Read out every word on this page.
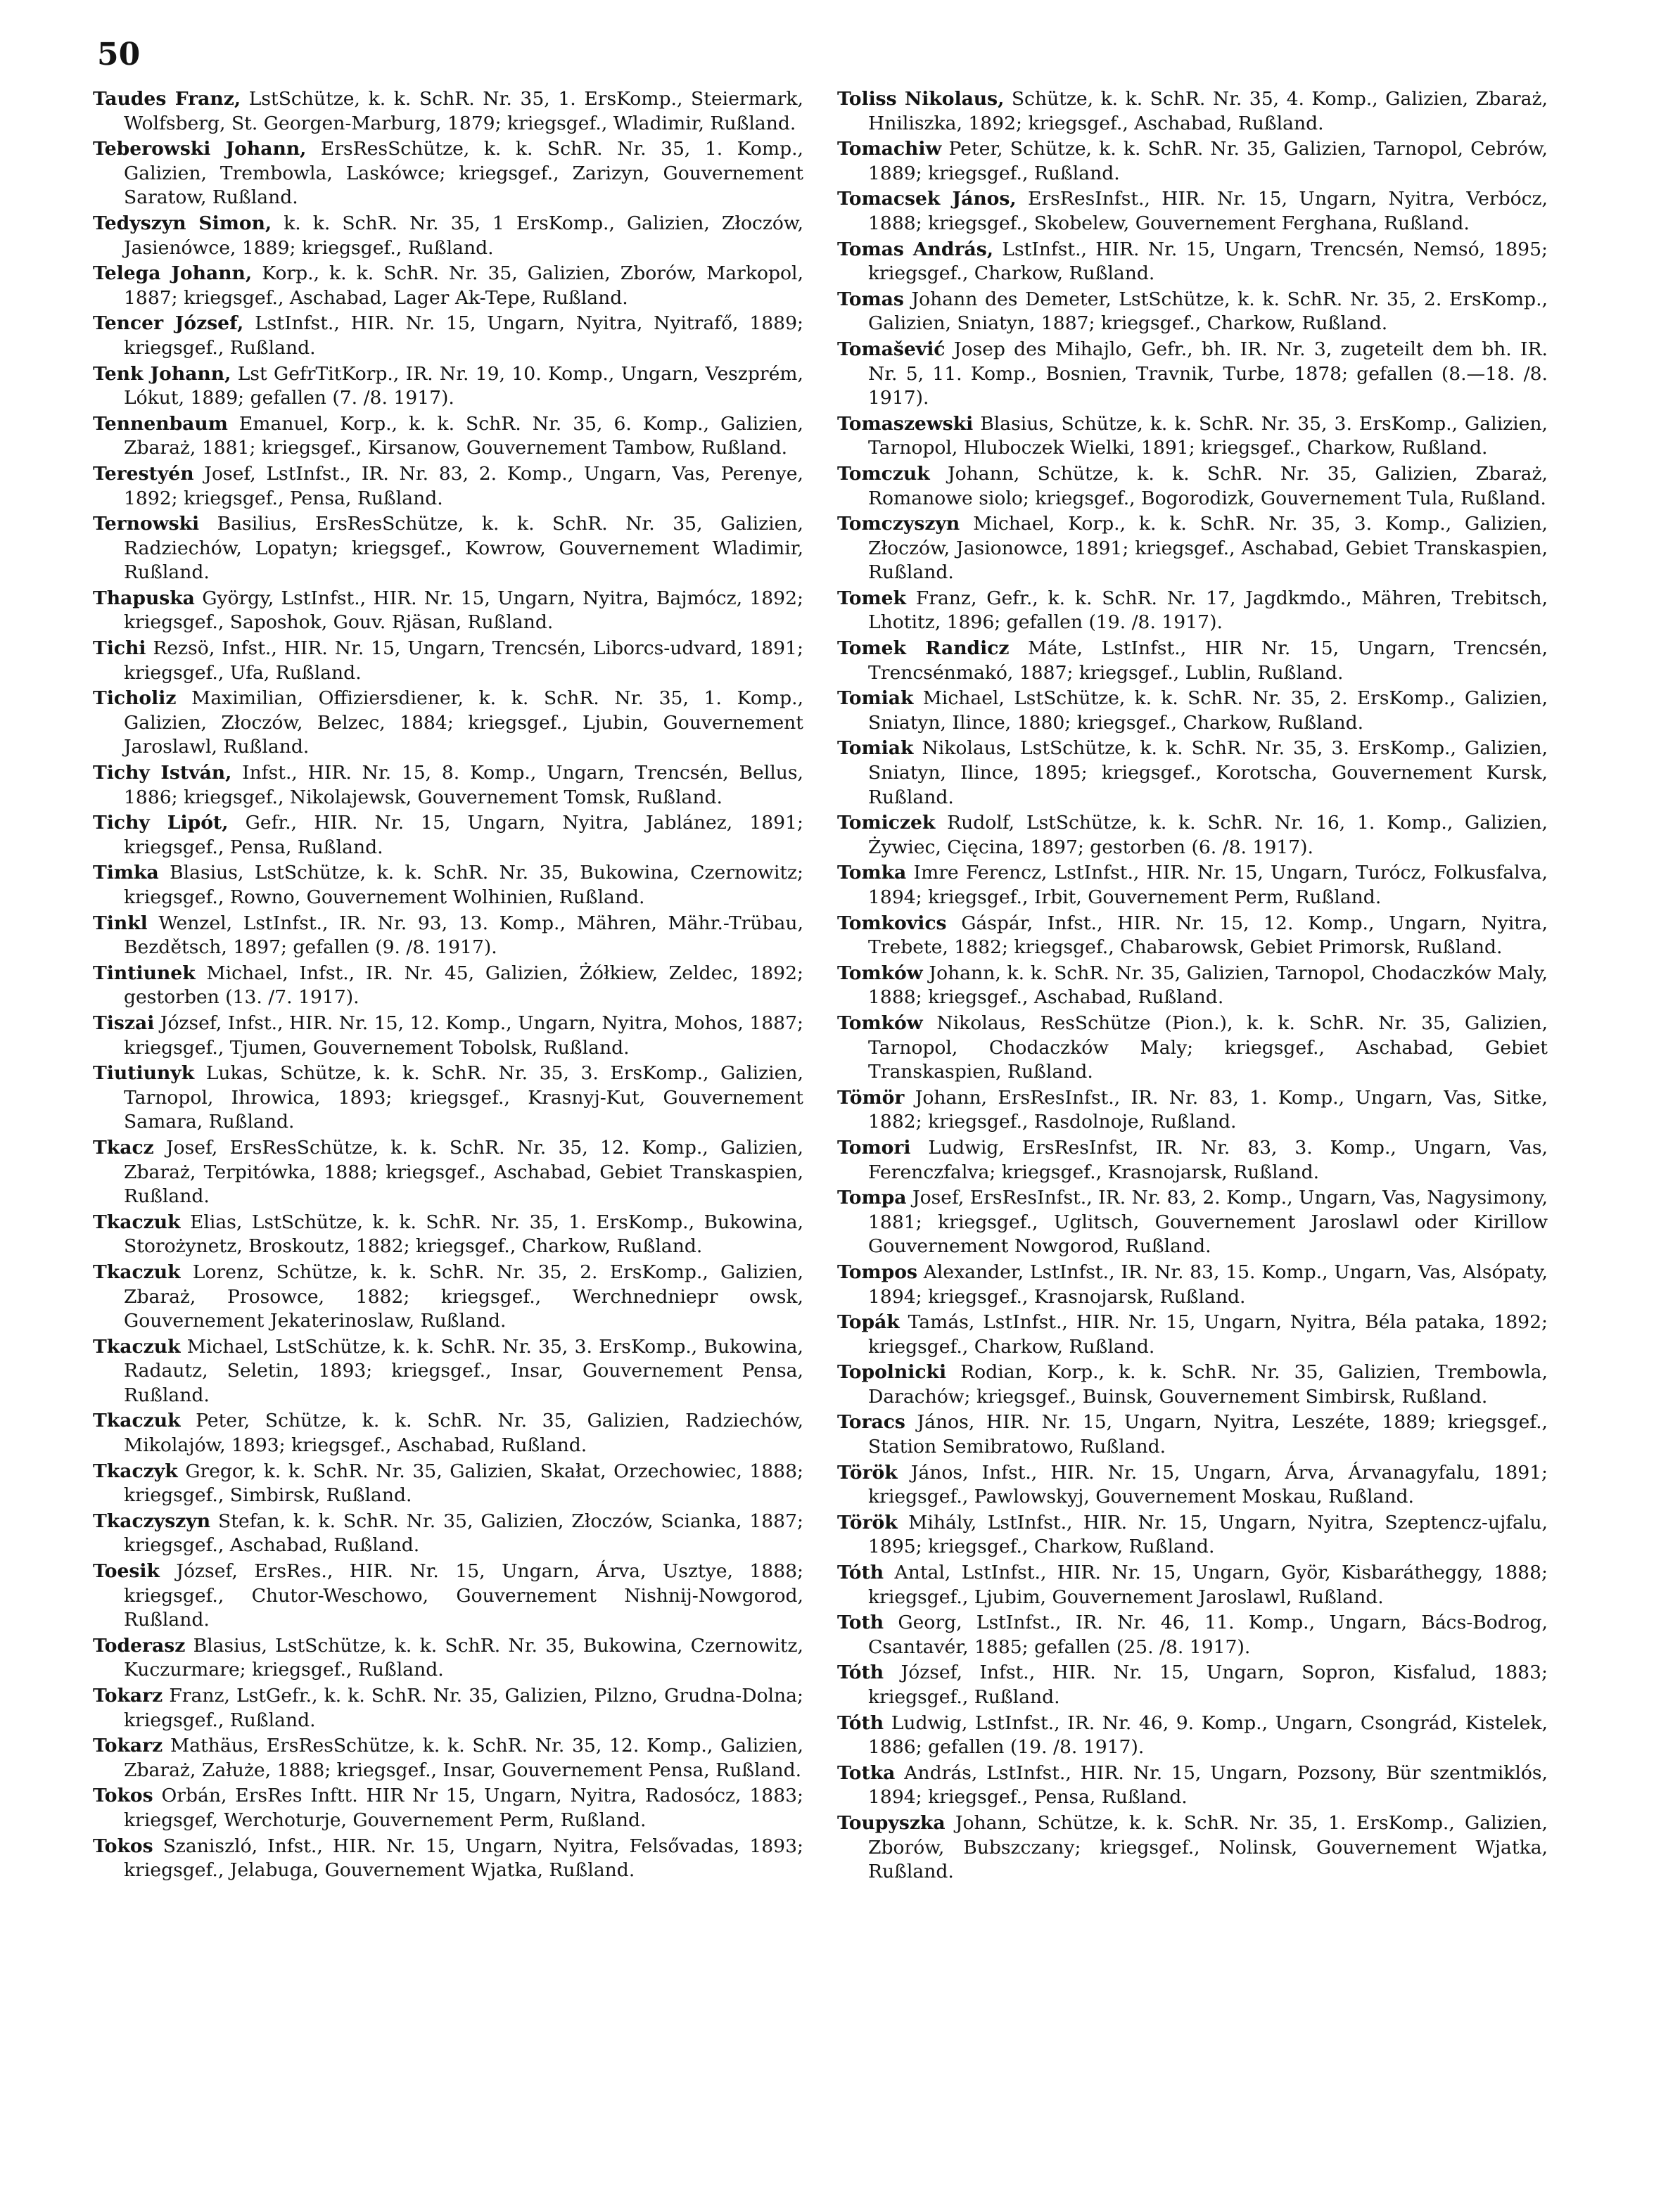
50

Taudes Franz, LstSchütze, k. k. SchR. Nr. 35, 1. ErsKomp., Steiermark, Wolfsberg, St. Georgen-Marburg, 1879; kriegsgef., Wladimir, Rußland.

Teberowski Johann, ErsResSchütze, k. k. SchR. Nr. 35, 1. Komp., Galizien, Trembowla, Laskówce; kriegsgef., Zarizyn, Gouvernement Saratow, Rußland.

Tedyszyn Simon, k. k. SchR. Nr. 35, 1 ErsKomp., Galizien, Złoczów, Jasienówce, 1889; kriegsgef., Rußland.

Telega Johann, Korp., k. k. SchR. Nr. 35, Galizien, Zborów, Markopol, 1887; kriegsgef., Aschabad, Lager Ak-Tepe, Rußland.

Tencer József, LstInfst., HIR. Nr. 15, Ungarn, Nyitra, Nyitrafő, 1889; kriegsgef., Rußland.

Tenk Johann, Lst GefrTitKorp., IR. Nr. 19, 10. Komp., Ungarn, Veszprém, Lókut, 1889; gefallen (7. /8. 1917).

Tennenbaum Emanuel, Korp., k. k. SchR. Nr. 35, 6. Komp., Galizien, Zbaraż, 1881; kriegsgef., Kirsanow, Gouvernement Tambow, Rußland.

Terestyén Josef, LstInfst., IR. Nr. 83, 2. Komp., Ungarn, Vas, Perenye, 1892; kriegsgef., Pensa, Rußland.

Ternowski Basilius, ErsResSchütze, k. k. SchR. Nr. 35, Galizien, Radziechów, Lopatyn; kriegsgef., Kowrow, Gouvernement Wladimir, Rußland.

Thapuska György, LstInfst., HIR. Nr. 15, Ungarn, Nyitra, Bajmócz, 1892; kriegsgef., Saposhok, Gouv. Rjäsan, Rußland.

Tichi Rezsö, Infst., HIR. Nr. 15, Ungarn, Trencsén, Liborcs-udvard, 1891; kriegsgef., Ufa, Rußland.

Ticholiz Maximilian, Offiziersdiener, k. k. SchR. Nr. 35, 1. Komp., Galizien, Złoczów, Belzec, 1884; kriegsgef., Ljubin, Gouvernement Jaroslawl, Rußland.

Tichy István, Infst., HIR. Nr. 15, 8. Komp., Ungarn, Trencsén, Bellus, 1886; kriegsgef., Nikolajewsk, Gouvernement Tomsk, Rußland.

Tichy Lipót, Gefr., HIR. Nr. 15, Ungarn, Nyitra, Jablánez, 1891; kriegsgef., Pensa, Rußland.

Timka Blasius, LstSchütze, k. k. SchR. Nr. 35, Bukowina, Czernowitz; kriegsgef., Rowno, Gouvernement Wolhinien, Rußland.

Tinkl Wenzel, LstInfst., IR. Nr. 93, 13. Komp., Mähren, Mähr.-Trübau, Bezdětsch, 1897; gefallen (9. /8. 1917).

Tintiunek Michael, Infst., IR. Nr. 45, Galizien, Żółkiew, Zeldec, 1892; gestorben (13. /7. 1917).

Tiszai József, Infst., HIR. Nr. 15, 12. Komp., Ungarn, Nyitra, Mohos, 1887; kriegsgef., Tjumen, Gouvernement Tobolsk, Rußland.

Tiutiunyk Lukas, Schütze, k. k. SchR. Nr. 35, 3. ErsKomp., Galizien, Tarnopol, Ihrowica, 1893; kriegsgef., Krasnyj-Kut, Gouvernement Samara, Rußland.

Tkacz Josef, ErsResSchütze, k. k. SchR. Nr. 35, 12. Komp., Galizien, Zbaraż, Terpitówka, 1888; kriegsgef., Aschabad, Gebiet Transkaspien, Rußland.

Tkaczuk Elias, LstSchütze, k. k. SchR. Nr. 35, 1. ErsKomp., Bukowina, Storożynetz, Broskoutz, 1882; kriegsgef., Charkow, Rußland.

Tkaczuk Lorenz, Schütze, k. k. SchR. Nr. 35, 2. ErsKomp., Galizien, Zbaraż, Prosowce, 1882; kriegsgef., Werchnedniepr owsk, Gouvernement Jekaterinoslaw, Rußland.

Tkaczuk Michael, LstSchütze, k. k. SchR. Nr. 35, 3. ErsKomp., Bukowina, Radautz, Seletin, 1893; kriegsgef., Insar, Gouvernement Pensa, Rußland.

Tkaczuk Peter, Schütze, k. k. SchR. Nr. 35, Galizien, Radziechów, Mikolajów, 1893; kriegsgef., Aschabad, Rußland.

Tkaczyk Gregor, k. k. SchR. Nr. 35, Galizien, Skałat, Orzechowiec, 1888; kriegsgef., Simbirsk, Rußland.

Tkaczyszyn Stefan, k. k. SchR. Nr. 35, Galizien, Złoczów, Scianka, 1887; kriegsgef., Aschabad, Rußland.

Toesik József, ErsRes., HIR. Nr. 15, Ungarn, Árva, Usztye, 1888; kriegsgef., Chutor-Weschowo, Gouvernement Nishnij-Nowgorod, Rußland.

Toderasz Blasius, LstSchütze, k. k. SchR. Nr. 35, Bukowina, Czernowitz, Kuczurmare; kriegsgef., Rußland.

Tokarz Franz, LstGefr., k. k. SchR. Nr. 35, Galizien, Pilzno, Grudna-Dolna; kriegsgef., Rußland.

Tokarz Mathäus, ErsResSchütze, k. k. SchR. Nr. 35, 12. Komp., Galizien, Zbaraż, Załuże, 1888; kriegsgef., Insar, Gouvernement Pensa, Rußland.

Tokos Orbán, ErsRes Inftt. HIR Nr 15, Ungarn, Nyitra, Radosócz, 1883; kriegsgef, Werchoturje, Gouvernement Perm, Rußland.

Tokos Szaniszló, Infst., HIR. Nr. 15, Ungarn, Nyitra, Felsővadas, 1893; kriegsgef., Jelabuga, Gouvernement Wjatka, Rußland.

Toliss Nikolaus, Schütze, k. k. SchR. Nr. 35, 4. Komp., Galizien, Zbaraż, Hniliszka, 1892; kriegsgef., Aschabad, Rußland.

Tomachiw Peter, Schütze, k. k. SchR. Nr. 35, Galizien, Tarnopol, Cebrów, 1889; kriegsgef., Rußland.

Tomacsek János, ErsResInfst., HIR. Nr. 15, Ungarn, Nyitra, Verbócz, 1888; kriegsgef., Skobelew, Gouvernement Ferghana, Rußland.

Tomas András, LstInfst., HIR. Nr. 15, Ungarn, Trencsén, Nemsó, 1895; kriegsgef., Charkow, Rußland.

Tomas Johann des Demeter, LstSchütze, k. k. SchR. Nr. 35, 2. ErsKomp., Galizien, Sniatyn, 1887; kriegsgef., Charkow, Rußland.

Tomašević Josep des Mihajlo, Gefr., bh. IR. Nr. 3, zugeteilt dem bh. IR. Nr. 5, 11. Komp., Bosnien, Travnik, Turbe, 1878; gefallen (8.—18. /8. 1917).

Tomaszewski Blasius, Schütze, k. k. SchR. Nr. 35, 3. ErsKomp., Galizien, Tarnopol, Hluboczek Wielki, 1891; kriegsgef., Charkow, Rußland.

Tomczuk Johann, Schütze, k. k. SchR. Nr. 35, Galizien, Zbaraż, Romanowe siolo; kriegsgef., Bogorodizk, Gouvernement Tula, Rußland.

Tomczyszyn Michael, Korp., k. k. SchR. Nr. 35, 3. Komp., Galizien, Złoczów, Jasionowce, 1891; kriegsgef., Aschabad, Gebiet Transkaspien, Rußland.

Tomek Franz, Gefr., k. k. SchR. Nr. 17, Jagdkmdo., Mähren, Trebitsch, Lhotitz, 1896; gefallen (19. /8. 1917).

Tomek Randicz Máte, LstInfst., HIR Nr. 15, Ungarn, Trencsén, Trencsénmakó, 1887; kriegsgef., Lublin, Rußland.

Tomiak Michael, LstSchütze, k. k. SchR. Nr. 35, 2. ErsKomp., Galizien, Sniatyn, Ilince, 1880; kriegsgef., Charkow, Rußland.

Tomiak Nikolaus, LstSchütze, k. k. SchR. Nr. 35, 3. ErsKomp., Galizien, Sniatyn, Ilince, 1895; kriegsgef., Korotscha, Gouvernement Kursk, Rußland.

Tomiczek Rudolf, LstSchütze, k. k. SchR. Nr. 16, 1. Komp., Galizien, Żywiec, Cięcina, 1897; gestorben (6. /8. 1917).

Tomka Imre Ferencz, LstInfst., HIR. Nr. 15, Ungarn, Turócz, Folkusfalva, 1894; kriegsgef., Irbit, Gouvernement Perm, Rußland.

Tomkovics Gáspár, Infst., HIR. Nr. 15, 12. Komp., Ungarn, Nyitra, Trebete, 1882; kriegsgef., Chabarowsk, Gebiet Primorsk, Rußland.

Tomków Johann, k. k. SchR. Nr. 35, Galizien, Tarnopol, Chodaczków Maly, 1888; kriegsgef., Aschabad, Rußland.

Tomków Nikolaus, ResSchütze (Pion.), k. k. SchR. Nr. 35, Galizien, Tarnopol, Chodaczków Maly; kriegsgef., Aschabad, Gebiet Transkaspien, Rußland.

Tömör Johann, ErsResInfst., IR. Nr. 83, 1. Komp., Ungarn, Vas, Sitke, 1882; kriegsgef., Rasdolnoje, Rußland.

Tomori Ludwig, ErsResInfst, IR. Nr. 83, 3. Komp., Ungarn, Vas, Ferenczfalva; kriegsgef., Krasnojarsk, Rußland.

Tompa Josef, ErsResInfst., IR. Nr. 83, 2. Komp., Ungarn, Vas, Nagysimony, 1881; kriegsgef., Uglitsch, Gouvernement Jaroslawl oder Kirillow Gouvernement Nowgorod, Rußland.

Tompos Alexander, LstInfst., IR. Nr. 83, 15. Komp., Ungarn, Vas, Alsópaty, 1894; kriegsgef., Krasnojarsk, Rußland.

Topák Tamás, LstInfst., HIR. Nr. 15, Ungarn, Nyitra, Béla pataka, 1892; kriegsgef., Charkow, Rußland.

Topolnicki Rodian, Korp., k. k. SchR. Nr. 35, Galizien, Trembowla, Darachów; kriegsgef., Buinsk, Gouvernement Simbirsk, Rußland.

Toracs János, HIR. Nr. 15, Ungarn, Nyitra, Leszéte, 1889; kriegsgef., Station Semibratowo, Rußland.

Török János, Infst., HIR. Nr. 15, Ungarn, Árva, Árvanagyfalu, 1891; kriegsgef., Pawlowskyj, Gouvernement Moskau, Rußland.

Török Mihály, LstInfst., HIR. Nr. 15, Ungarn, Nyitra, Szeptencz-ujfalu, 1895; kriegsgef., Charkow, Rußland.

Tóth Antal, LstInfst., HIR. Nr. 15, Ungarn, Györ, Kisbarátheggy, 1888; kriegsgef., Ljubim, Gouvernement Jaroslawl, Rußland.

Toth Georg, LstInfst., IR. Nr. 46, 11. Komp., Ungarn, Bács-Bodrog, Csantavér, 1885; gefallen (25. /8. 1917).

Tóth József, Infst., HIR. Nr. 15, Ungarn, Sopron, Kisfalud, 1883; kriegsgef., Rußland.

Tóth Ludwig, LstInfst., IR. Nr. 46, 9. Komp., Ungarn, Csongrád, Kistelek, 1886; gefallen (19. /8. 1917).

Totka András, LstInfst., HIR. Nr. 15, Ungarn, Pozsony, Bür szentmiklós, 1894; kriegsgef., Pensa, Rußland.

Toupyszka Johann, Schütze, k. k. SchR. Nr. 35, 1. ErsKomp., Galizien, Zborów, Bubszczany; kriegsgef., Nolinsk, Gouvernement Wjatka, Rußland.
